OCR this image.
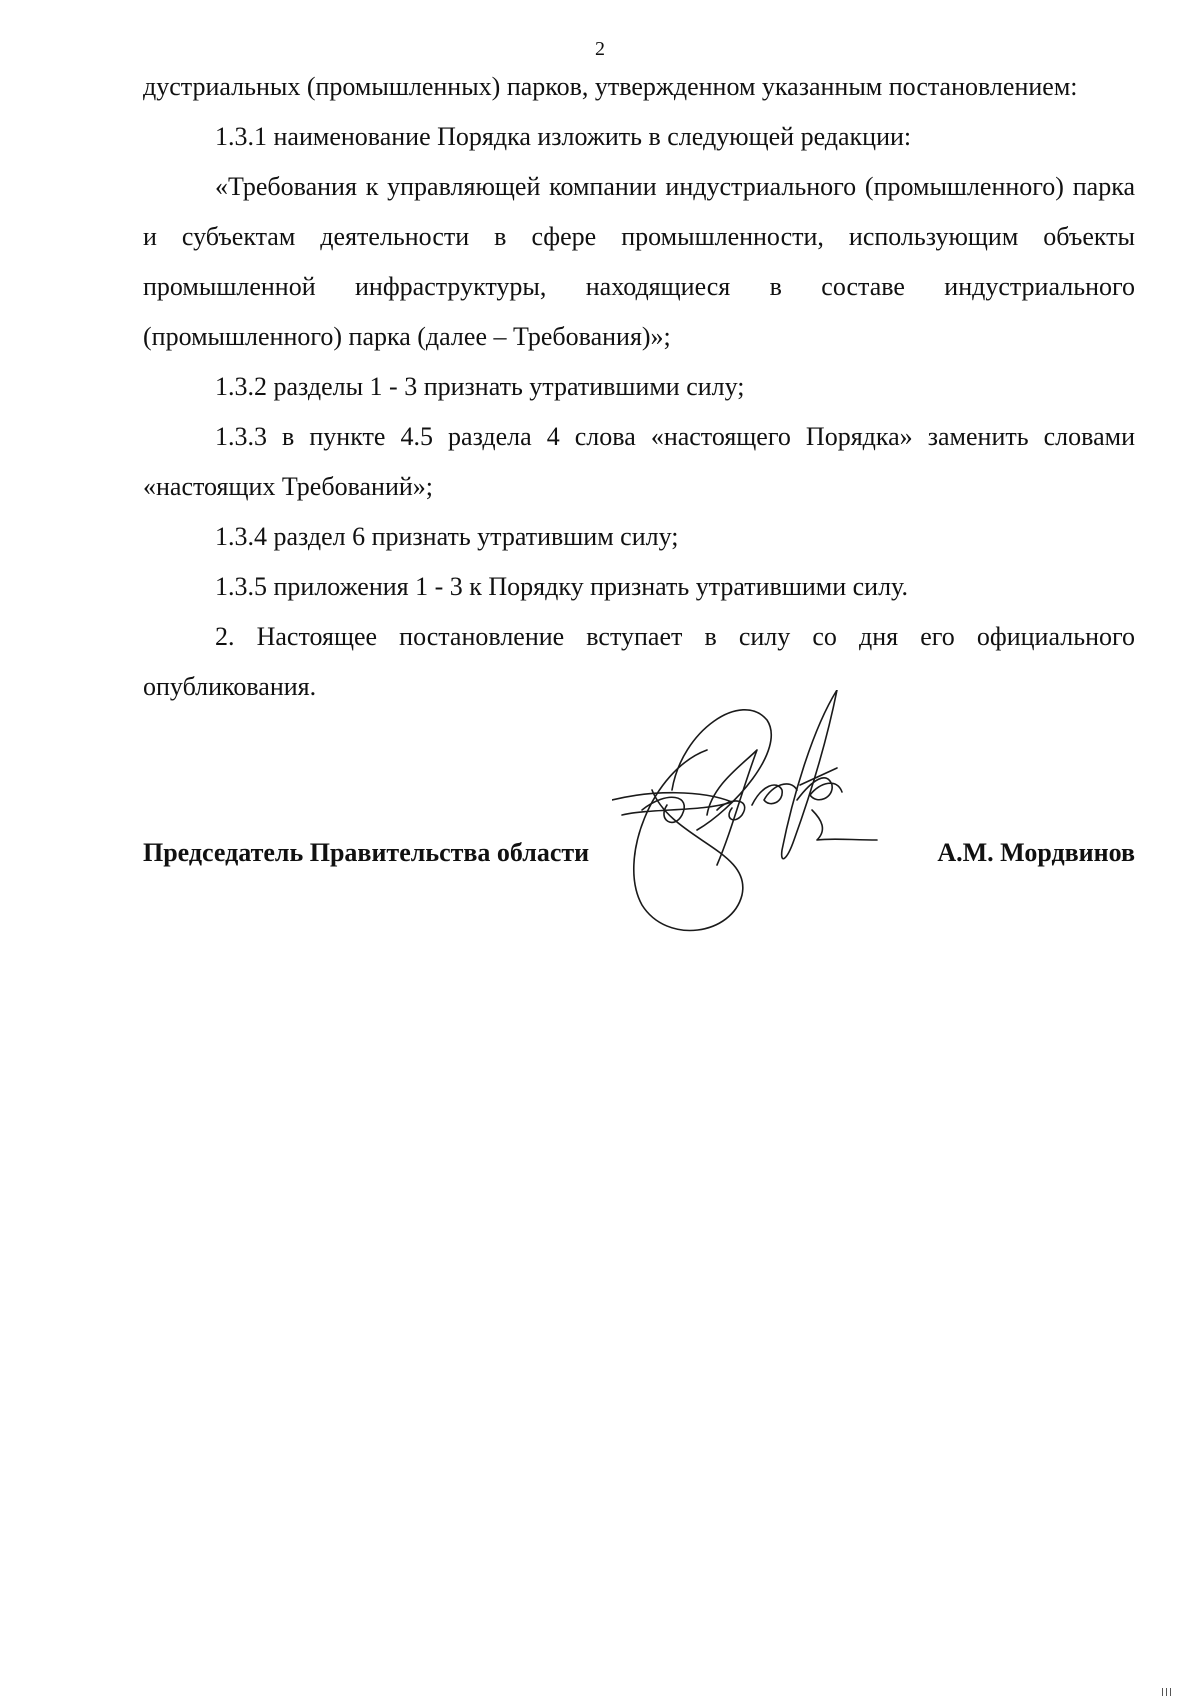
2

дустриальных (промышленных) парков, утвержденном указанным постановлением:

1.3.1 наименование Порядка изложить в следующей редакции:

«Требования к управляющей компании индустриального (промышленного) парка и субъектам деятельности в сфере промышленности, использующим объекты промышленной инфраструктуры, находящиеся в составе индустриального (промышленного) парка (далее – Требования)»;

1.3.2 разделы 1 - 3 признать утратившими силу;

1.3.3 в пункте 4.5 раздела 4 слова «настоящего Порядка» заменить словами «настоящих Требований»;

1.3.4 раздел 6 признать утратившим силу;

1.3.5 приложения 1 - 3 к Порядку признать утратившими силу.

2. Настоящее постановление вступает в силу со дня его официального опубликования.

Председатель Правительства области	А.М. Мордвинов
